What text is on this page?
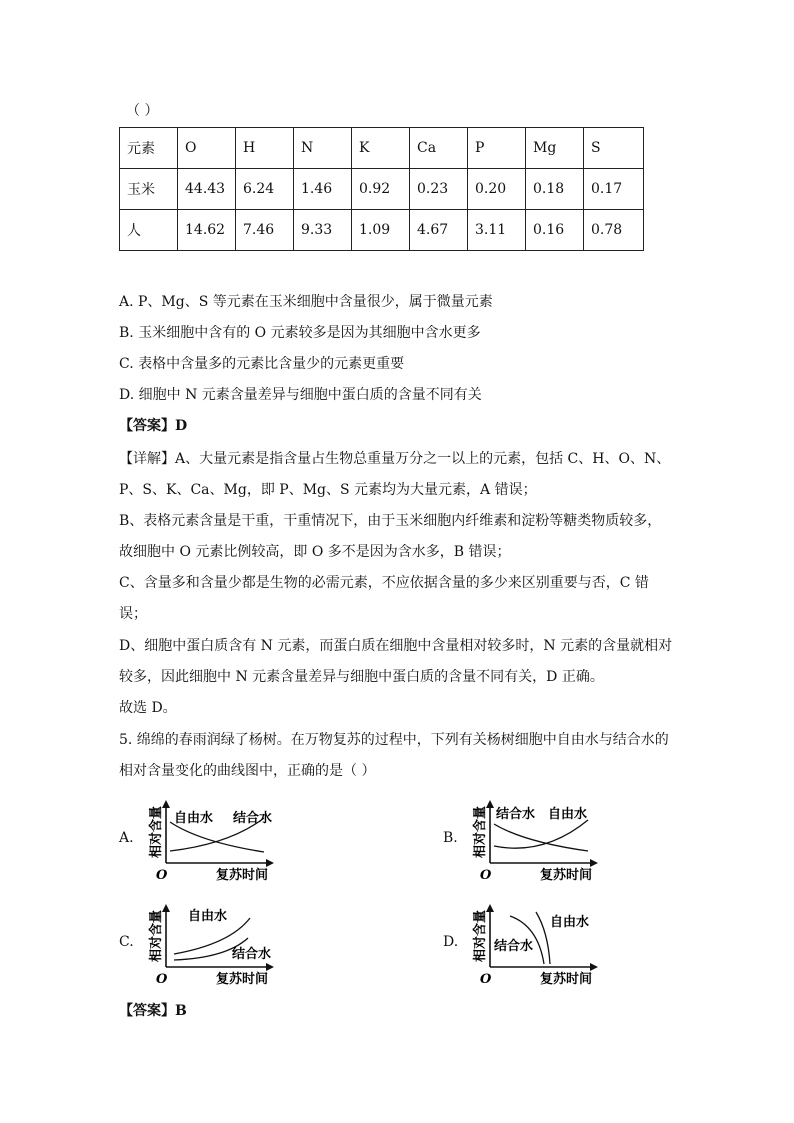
（ ）
元素	O	H	N	K	Ca	P	Mg	S
玉米	44.43	6.24	1.46	0.92	0.23	0.20	0.18	0.17
人	14.62	7.46	9.33	1.09	4.67	3.11	0.16	0.78
A. P、Mg、S 等元素在玉米细胞中含量很少，属于微量元素
B. 玉米细胞中含有的 O 元素较多是因为其细胞中含水更多
C. 表格中含量多的元素比含量少的元素更重要
D. 细胞中 N 元素含量差异与细胞中蛋白质的含量不同有关
【答案】D
【详解】A、大量元素是指含量占生物总重量万分之一以上的元素，包括 C、H、O、N、
P、S、K、Ca、Mg，即 P、Mg、S 元素均为大量元素，A 错误；
B、表格元素含量是干重，干重情况下，由于玉米细胞内纤维素和淀粉等糖类物质较多，
故细胞中 O 元素比例较高，即 O 多不是因为含水多，B 错误；
C、含量多和含量少都是生物的必需元素，不应依据含量的多少来区别重要与否，C 错
误；
D、细胞中蛋白质含有 N 元素，而蛋白质在细胞中含量相对较多时，N 元素的含量就相对
较多，因此细胞中 N 元素含量差异与细胞中蛋白质的含量不同有关，D 正确。
故选 D。
5. 绵绵的春雨润绿了杨树。在万物复苏的过程中，下列有关杨树细胞中自由水与结合水的
相对含量变化的曲线图中，正确的是（ ）
A.
自由水 结合水
复苏时间
O
相对含量	B.
结合水 自由水
复苏时间
O
相对含量
C.
自由水
结合水
复苏时间
O
相对含量	D.	结合水
自由水
复苏时间
O
相对含量
【答案】B
